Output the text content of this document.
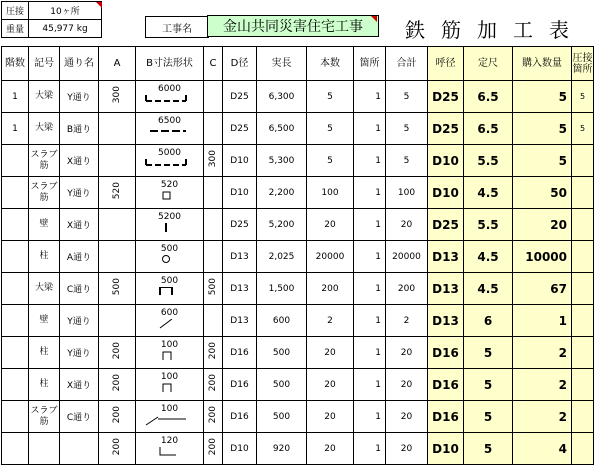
圧接	10ヶ所
重量	45,977 kg	工事名	金山共同災害住宅工事	鉄筋加工表
階数	記号	通り名	A	B寸法形状	C	D径	実長	本数	箇所	合計	呼径	定尺	購入数量	圧接箇所
1	大梁	Y通り	300	6000		D25	6,300	5	1	5	D25	6.5	5	5
1	大梁	B通り		6500		D25	6,500	5	1	5	D25	6.5	5	5
	スラブ筋	X通り		5000	300	D10	5,300	5	1	5	D10	5.5	5	
	スラブ筋	Y通り	520	520		D10	2,200	100	1	100	D10	4.5	50	
	壁	X通り		5200		D25	5,200	20	1	20	D25	5.5	20	
	柱	A通り		500		D13	2,025	20000	1	20000	D13	4.5	10000	
	大梁	C通り	500	500	500	D13	1,500	200	1	200	D13	4.5	67	
	壁	Y通り		600		D13	600	2	1	2	D13	6	1	
	柱	Y通り	200	100	200	D16	500	20	1	20	D16	5	2	
	柱	X通り	200	100	200	D16	500	20	1	20	D16	5	2	
	スラブ筋	C通り	200	100	200	D16	500	20	1	20	D16	5	2	
			200	120	200	D10	920	20	1	20	D10	5	4	
